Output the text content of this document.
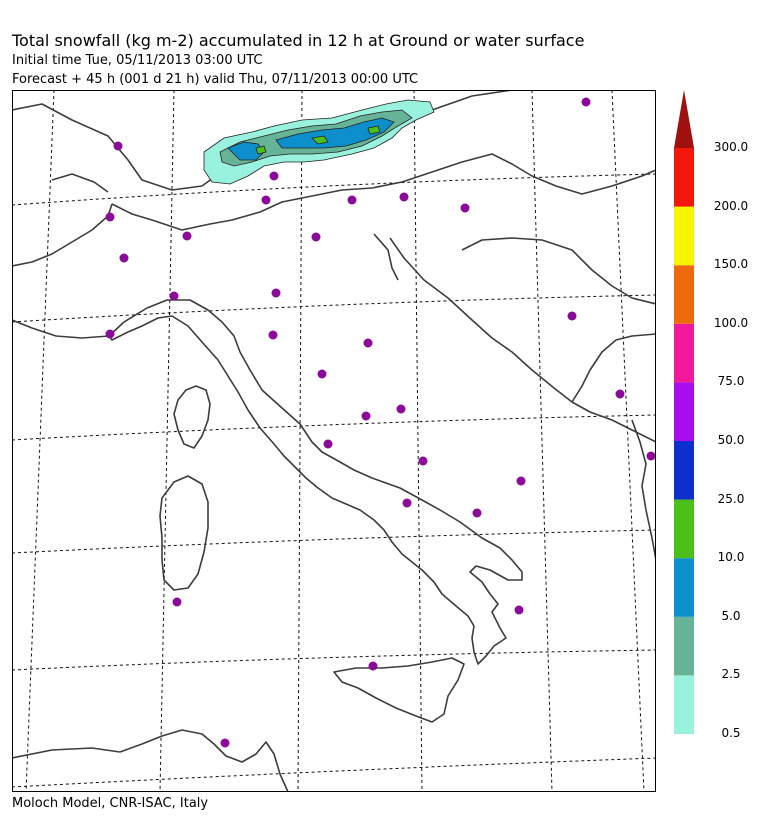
Total snowfall (kg m-2) accumulated in 12 h at Ground or water surface
Initial time Tue, 05/11/2013 03:00 UTC
Forecast + 45 h (001 d 21 h) valid Thu, 07/11/2013 00:00 UTC
0.5
2.5
5.0
10.0
25.0
50.0
75.0
100.0
150.0
200.0
300.0
Moloch Model, CNR-ISAC, Italy
